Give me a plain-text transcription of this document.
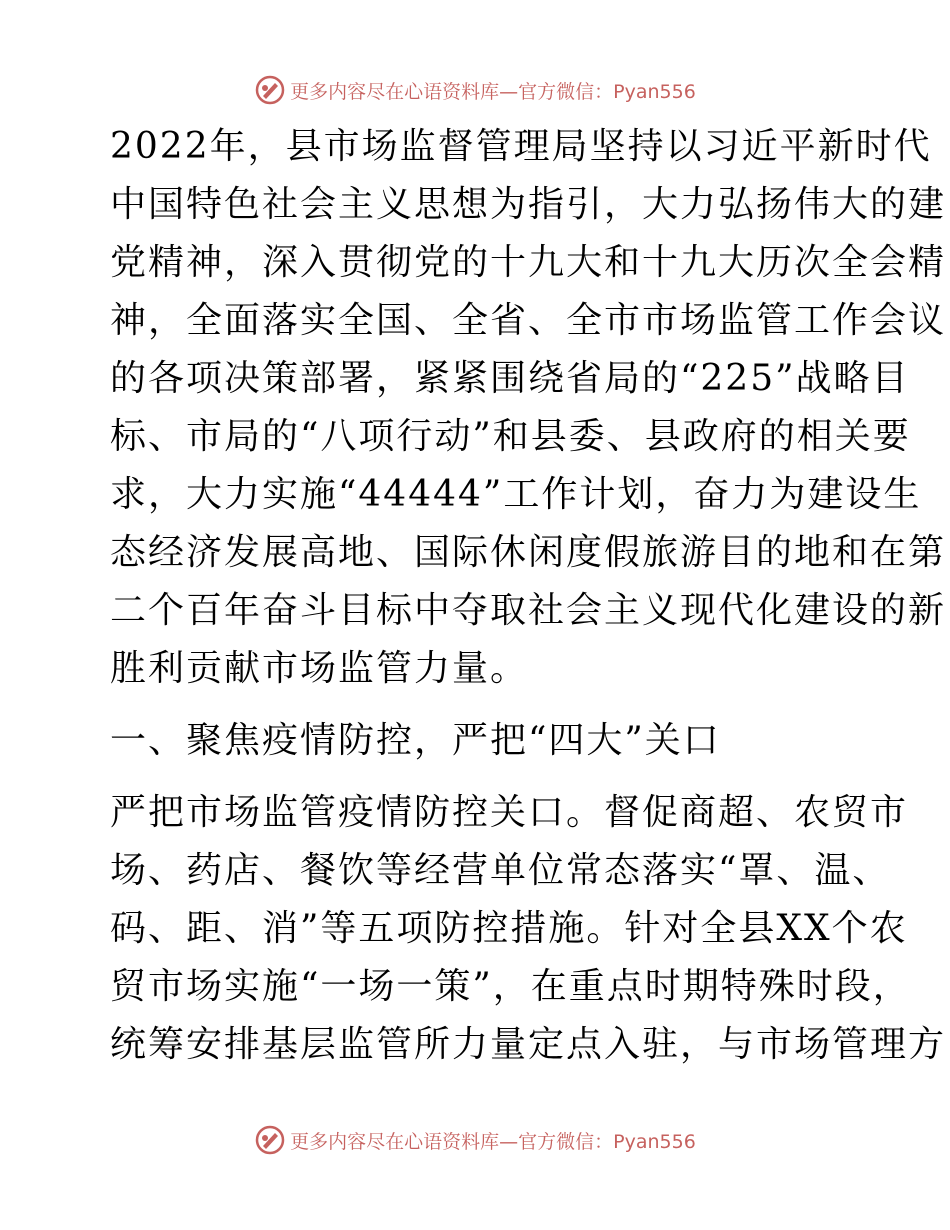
更多内容尽在心语资料库—官方微信：Pyan556

2022年，县市场监督管理局坚持以习近平新时代
中国特色社会主义思想为指引，大力弘扬伟大的建
党精神，深入贯彻党的十九大和十九大历次全会精
神，全面落实全国、全省、全市市场监管工作会议
的各项决策部署，紧紧围绕省局的“225”战略目
标、市局的“八项行动”和县委、县政府的相关要
求，大力实施“44444”工作计划，奋力为建设生
态经济发展高地、国际休闲度假旅游目的地和在第
二个百年奋斗目标中夺取社会主义现代化建设的新
胜利贡献市场监管力量。

一、聚焦疫情防控，严把“四大”关口

严把市场监管疫情防控关口。督促商超、农贸市
场、药店、餐饮等经营单位常态落实“罩、温、
码、距、消”等五项防控措施。针对全县XX个农
贸市场实施“一场一策”，在重点时期特殊时段，
统筹安排基层监管所力量定点入驻，与市场管理方

更多内容尽在心语资料库—官方微信：Pyan556
